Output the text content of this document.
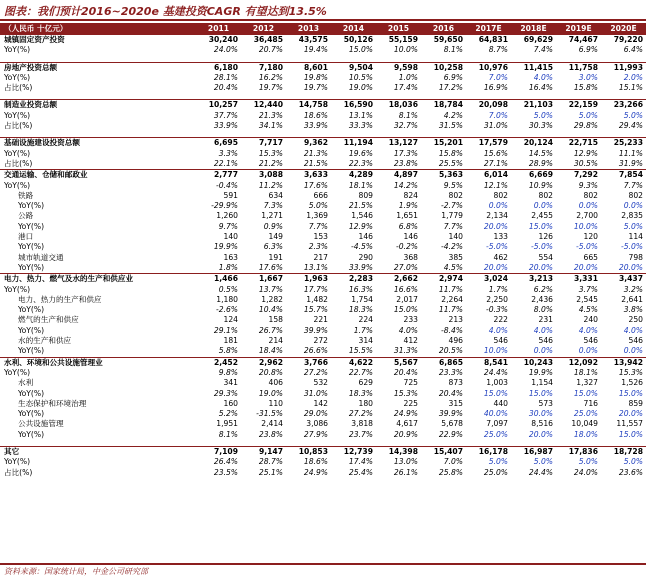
图表：我们预计2016~2020e 基建投资CAGR 有望达到13.5%
（人民币 十亿元）	2011	2012	2013	2014	2015	2016	2017E	2018E	2019E	2020E
城镇固定资产投资	30,240	36,485	43,575	50,126	55,159	59,650	64,831	69,629	74,467	79,220
YoY(%)	24.0%	20.7%	19.4%	15.0%	10.0%	8.1%	8.7%	7.4%	6.9%	6.4%
房地产投资总额	6,180	7,180	8,601	9,504	9,598	10,258	10,976	11,415	11,758	11,993
YoY(%)	28.1%	16.2%	19.8%	10.5%	1.0%	6.9%	7.0%	4.0%	3.0%	2.0%
占比(%)	20.4%	19.7%	19.7%	19.0%	17.4%	17.2%	16.9%	16.4%	15.8%	15.1%
制造业投资总额	10,257	12,440	14,758	16,590	18,036	18,784	20,098	21,103	22,159	23,266
YoY(%)	37.7%	21.3%	18.6%	13.1%	8.1%	4.2%	7.0%	5.0%	5.0%	5.0%
占比(%)	33.9%	34.1%	33.9%	33.3%	32.7%	31.5%	31.0%	30.3%	29.8%	29.4%
基础设施建设投资总额	6,695	7,717	9,362	11,194	13,127	15,201	17,579	20,124	22,715	25,233
YoY(%)	3.3%	15.3%	21.3%	19.6%	17.3%	15.8%	15.6%	14.5%	12.9%	11.1%
占比(%)	22.1%	21.2%	21.5%	22.3%	23.8%	25.5%	27.1%	28.9%	30.5%	31.9%
交通运输、仓储和邮政业	2,777	3,088	3,633	4,289	4,897	5,363	6,014	6,669	7,292	7,854
YoY(%)	-0.4%	11.2%	17.6%	18.1%	14.2%	9.5%	12.1%	10.9%	9.3%	7.7%
铁路	591	634	666	809	824	802	802	802	802	802
YoY(%)	-29.9%	7.3%	5.0%	21.5%	1.9%	-2.7%	0.0%	0.0%	0.0%	0.0%
公路	1,260	1,271	1,369	1,546	1,651	1,779	2,134	2,455	2,700	2,835
YoY(%)	9.7%	0.9%	7.7%	12.9%	6.8%	7.7%	20.0%	15.0%	10.0%	5.0%
港口	140	149	153	146	146	140	133	126	120	114
YoY(%)	19.9%	6.3%	2.3%	-4.5%	-0.2%	-4.2%	-5.0%	-5.0%	-5.0%	-5.0%
城市轨道交通	163	191	217	290	368	385	462	554	665	798
YoY(%)	1.8%	17.6%	13.1%	33.9%	27.0%	4.5%	20.0%	20.0%	20.0%	20.0%
电力、热力、燃气及水的生产和供应业	1,466	1,667	1,963	2,283	2,662	2,974	3,024	3,213	3,331	3,437
YoY(%)	0.5%	13.7%	17.7%	16.3%	16.6%	11.7%	1.7%	6.2%	3.7%	3.2%
电力、热力的生产和供应	1,180	1,282	1,482	1,754	2,017	2,264	2,250	2,436	2,545	2,641
YoY(%)	-2.6%	10.4%	15.7%	18.3%	15.0%	11.7%	-0.3%	8.0%	4.5%	3.8%
燃气的生产和供应	124	158	221	224	233	213	222	231	240	250
YoY(%)	29.1%	26.7%	39.9%	1.7%	4.0%	-8.4%	4.0%	4.0%	4.0%	4.0%
水的生产和供应	181	214	272	314	412	496	546	546	546	546
YoY(%)	5.8%	18.4%	26.6%	15.5%	31.3%	20.5%	10.0%	0.0%	0.0%	0.0%
水利、环境和公共设施管理业	2,452	2,962	3,766	4,622	5,567	6,865	8,541	10,243	12,092	13,942
YoY(%)	9.8%	20.8%	27.2%	22.7%	20.4%	23.3%	24.4%	19.9%	18.1%	15.3%
水利	341	406	532	629	725	873	1,003	1,154	1,327	1,526
YoY(%)	29.3%	19.0%	31.0%	18.3%	15.3%	20.4%	15.0%	15.0%	15.0%	15.0%
生态保护和环境治理	160	110	142	180	225	315	440	573	716	859
YoY(%)	5.2%	-31.5%	29.0%	27.2%	24.9%	39.9%	40.0%	30.0%	25.0%	20.0%
公共设施管理	1,951	2,414	3,086	3,818	4,617	5,678	7,097	8,516	10,049	11,557
YoY(%)	8.1%	23.8%	27.9%	23.7%	20.9%	22.9%	25.0%	20.0%	18.0%	15.0%
其它	7,109	9,147	10,853	12,739	14,398	15,407	16,178	16,987	17,836	18,728
YoY(%)	26.4%	28.7%	18.6%	17.4%	13.0%	7.0%	5.0%	5.0%	5.0%	5.0%
占比(%)	23.5%	25.1%	24.9%	25.4%	26.1%	25.8%	25.0%	24.4%	24.0%	23.6%
资料来源：国家统计局，中金公司研究部
